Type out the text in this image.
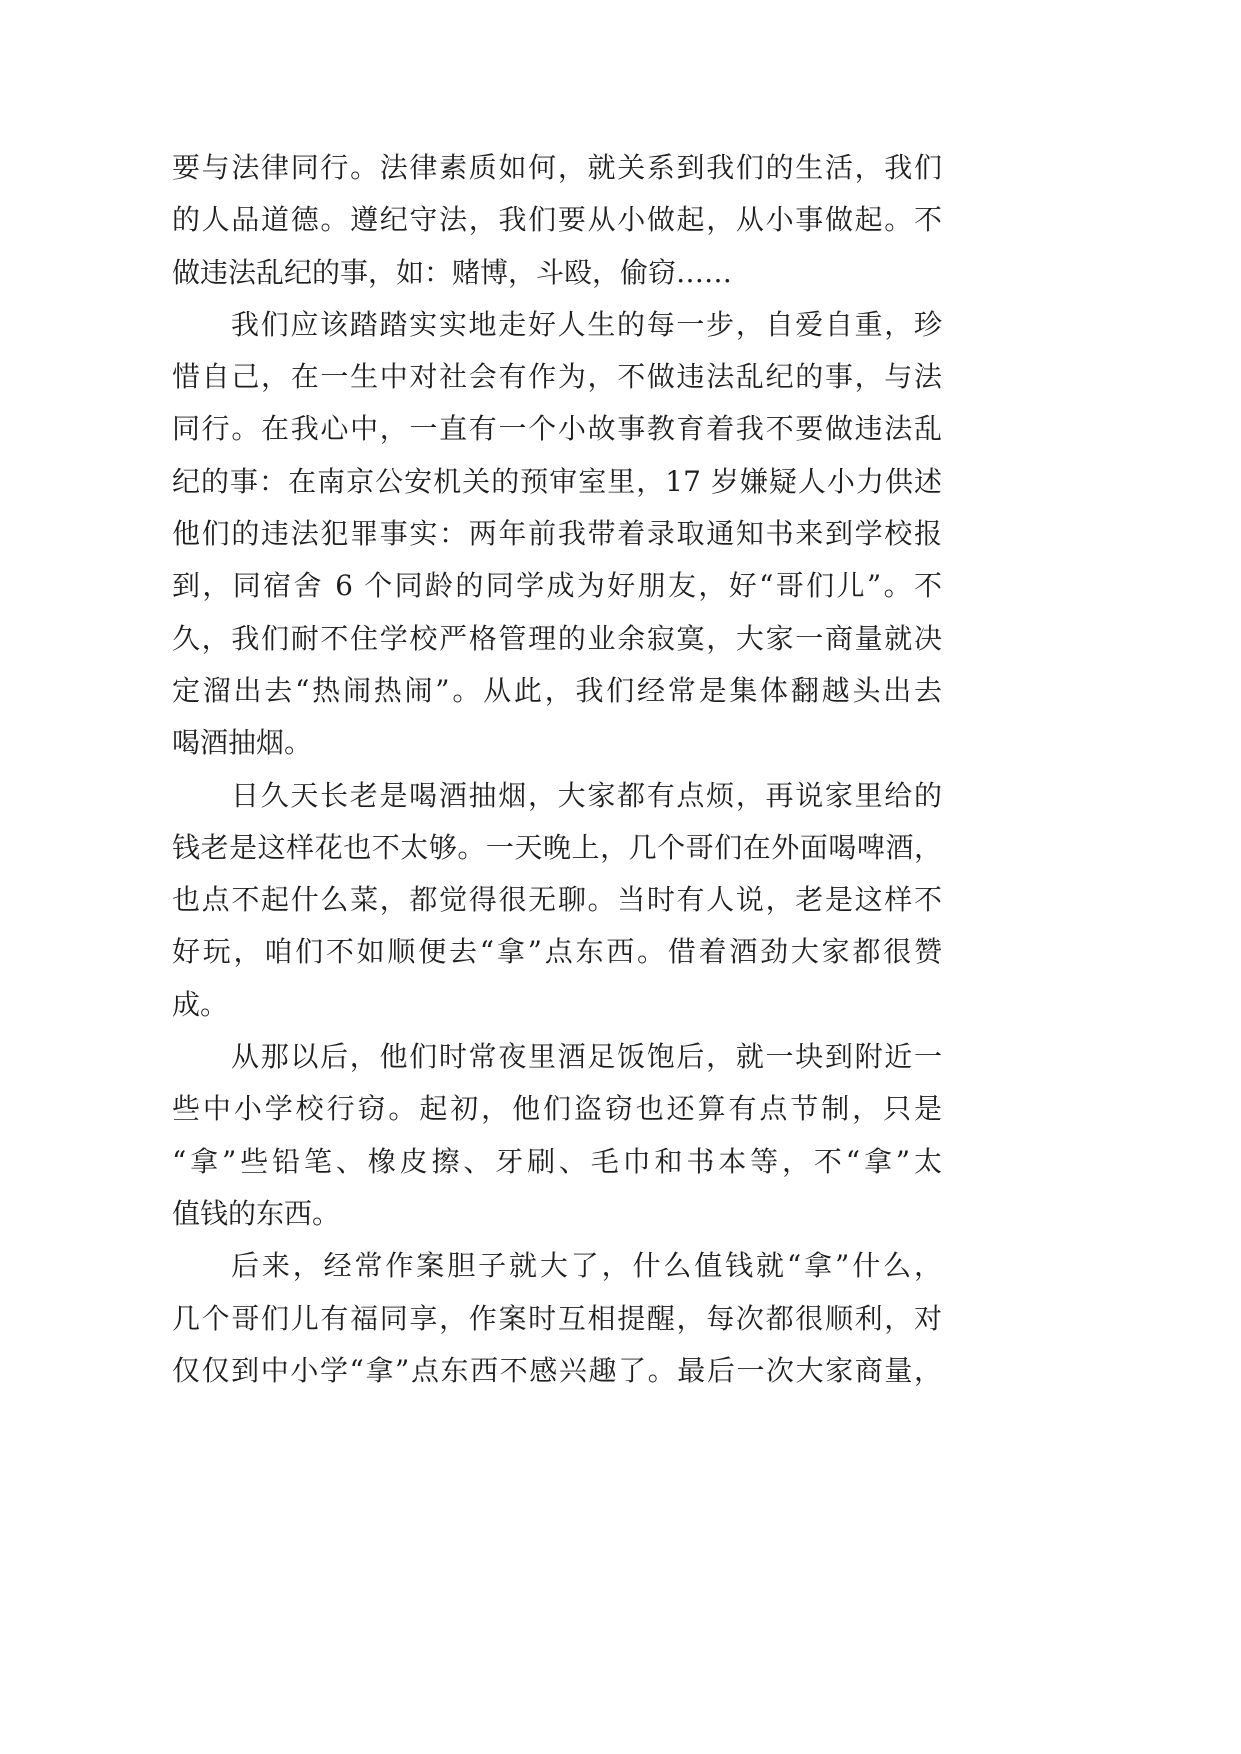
要与法律同行。法律素质如何，就关系到我们的生活，我们
的人品道德。遵纪守法，我们要从小做起，从小事做起。不
做违法乱纪的事，如：赌博，斗殴，偷窃……
我们应该踏踏实实地走好人生的每一步，自爱自重，珍
惜自己，在一生中对社会有作为，不做违法乱纪的事，与法
同行。在我心中，一直有一个小故事教育着我不要做违法乱
纪的事：在南京公安机关的预审室里，17 岁嫌疑人小力供述
他们的违法犯罪事实：两年前我带着录取通知书来到学校报
到，同宿舍 6 个同龄的同学成为好朋友，好“哥们儿”。不
久，我们耐不住学校严格管理的业余寂寞，大家一商量就决
定溜出去“热闹热闹”。从此，我们经常是集体翻越头出去
喝酒抽烟。
日久天长老是喝酒抽烟，大家都有点烦，再说家里给的
钱老是这样花也不太够。一天晚上，几个哥们在外面喝啤酒，
也点不起什么菜，都觉得很无聊。当时有人说，老是这样不
好玩，咱们不如顺便去“拿”点东西。借着酒劲大家都很赞
成。
从那以后，他们时常夜里酒足饭饱后，就一块到附近一
些中小学校行窃。起初，他们盗窃也还算有点节制，只是
“拿”些铅笔、橡皮擦、牙刷、毛巾和书本等，不“拿”太
值钱的东西。
后来，经常作案胆子就大了，什么值钱就“拿”什么，
几个哥们儿有福同享，作案时互相提醒，每次都很顺利，对
仅仅到中小学“拿”点东西不感兴趣了。最后一次大家商量，
